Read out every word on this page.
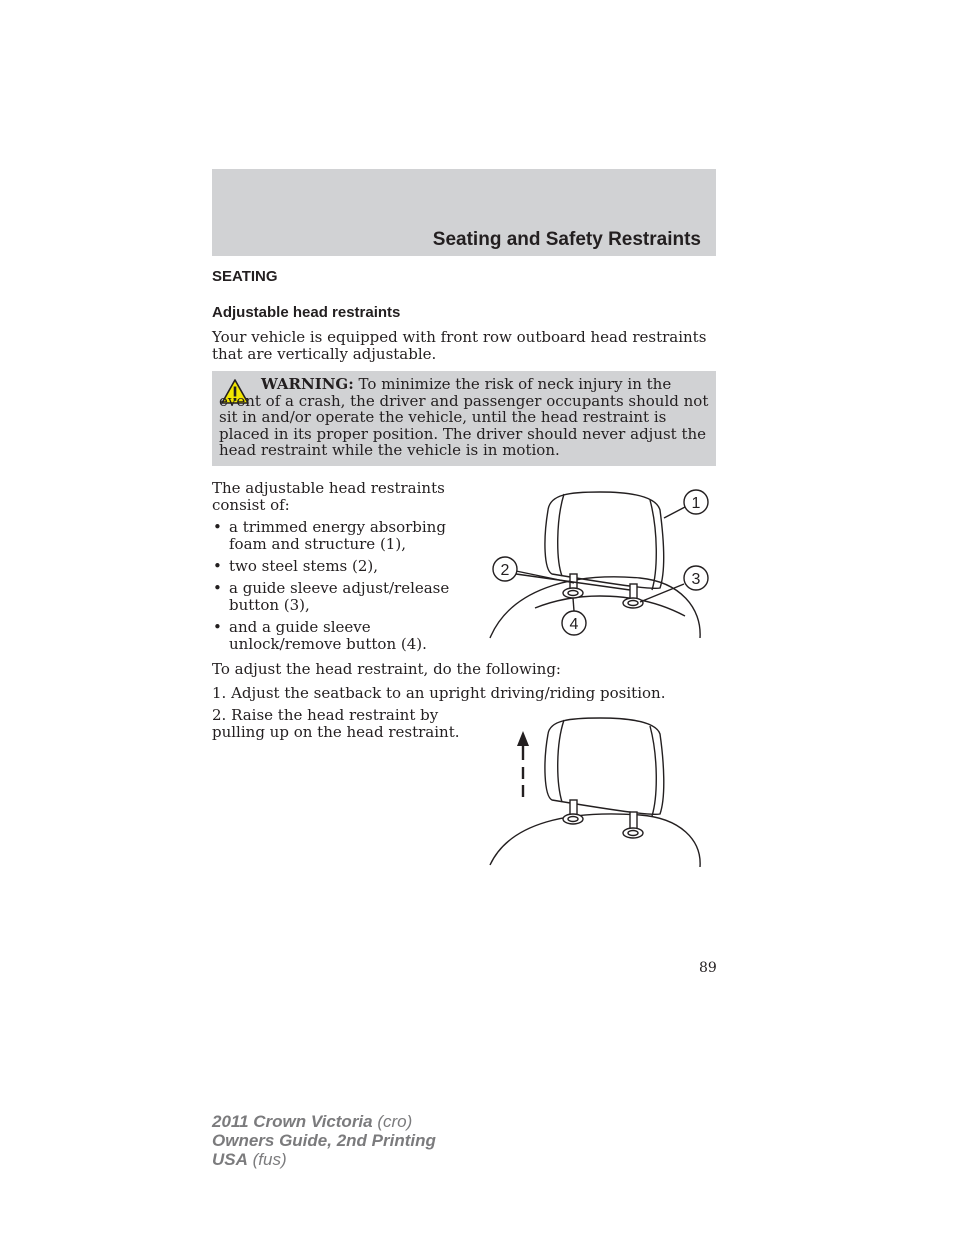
Seating and Safety Restraints
SEATING
Adjustable head restraints
Your vehicle is equipped with front row outboard head restraints that are vertically adjustable.
WARNING: To minimize the risk of neck injury in the event of a crash, the driver and passenger occupants should not sit in and/or operate the vehicle, until the head restraint is placed in its proper position. The driver should never adjust the head restraint while the vehicle is in motion.
The adjustable head restraints consist of:
• a trimmed energy absorbing foam and structure (1),
• two steel stems (2),
• a guide sleeve adjust/release button (3),
• and a guide sleeve unlock/remove button (4).
1
2
3
4
To adjust the head restraint, do the following:
1. Adjust the seatback to an upright driving/riding position.
2. Raise the head restraint by pulling up on the head restraint.
89
2011 Crown Victoria (cro)
Owners Guide, 2nd Printing
USA (fus)
